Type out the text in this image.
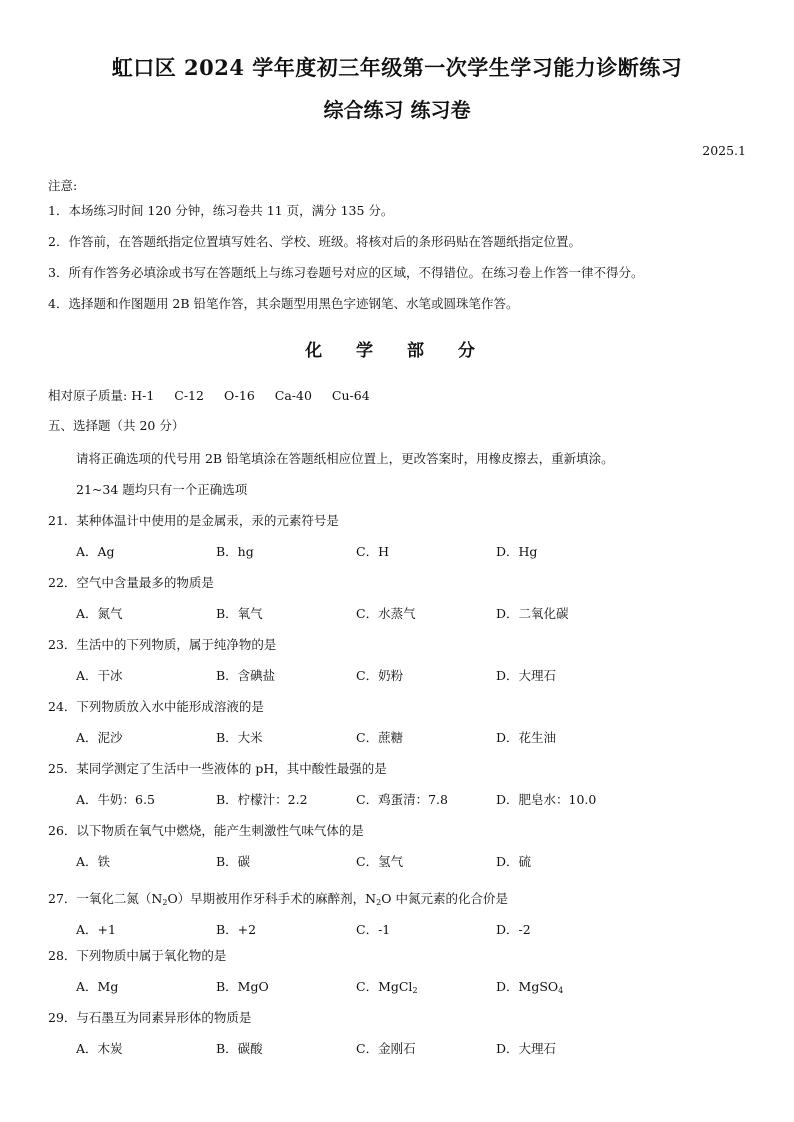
虹口区 2024 学年度初三年级第一次学生学习能力诊断练习
综合练习 练习卷
2025.1
注意:
1．本场练习时间 120 分钟，练习卷共 11 页，满分 135 分。
2．作答前，在答题纸指定位置填写姓名、学校、班级。将核对后的条形码贴在答题纸指定位置。
3．所有作答务必填涂或书写在答题纸上与练习卷题号对应的区域，不得错位。在练习卷上作答一律不得分。
4．选择题和作图题用 2B 铅笔作答，其余题型用黑色字迹钢笔、水笔或圆珠笔作答。
化 学 部 分
相对原子质量: H-1 C-12 O-16 Ca-40 Cu-64
五、选择题（共 20 分）
请将正确选项的代号用 2B 铅笔填涂在答题纸相应位置上，更改答案时，用橡皮擦去，重新填涂。
21~34 题均只有一个正确选项
21．某种体温计中使用的是金属汞，汞的元素符号是
A．Ag	B．hg	C．H	D．Hg
22．空气中含量最多的物质是
A．氮气	B．氧气	C．水蒸气	D．二氧化碳
23．生活中的下列物质，属于纯净物的是
A．干冰	B．含碘盐	C．奶粉	D．大理石
24．下列物质放入水中能形成溶液的是
A．泥沙	B．大米	C．蔗糖	D．花生油
25．某同学测定了生活中一些液体的 pH，其中酸性最强的是
A．牛奶：6.5	B．柠檬汁：2.2	C．鸡蛋清：7.8	D．肥皂水：10.0
26．以下物质在氧气中燃烧，能产生刺激性气味气体的是
A．铁	B．碳	C．氢气	D．硫
27．一氧化二氮$(N_2O)$早期被用作牙科手术的麻醉剂，$N_2O$ 中氮元素的化合价是
A．+1	B．+2	C．-1	D．-2
28．下列物质中属于氧化物的是
A．Mg	B．MgO	C．MgCl$_2$	D．MgSO$_4$
29．与石墨互为同素异形体的物质是
A．木炭	B．碳酸	C．金刚石	D．大理石
